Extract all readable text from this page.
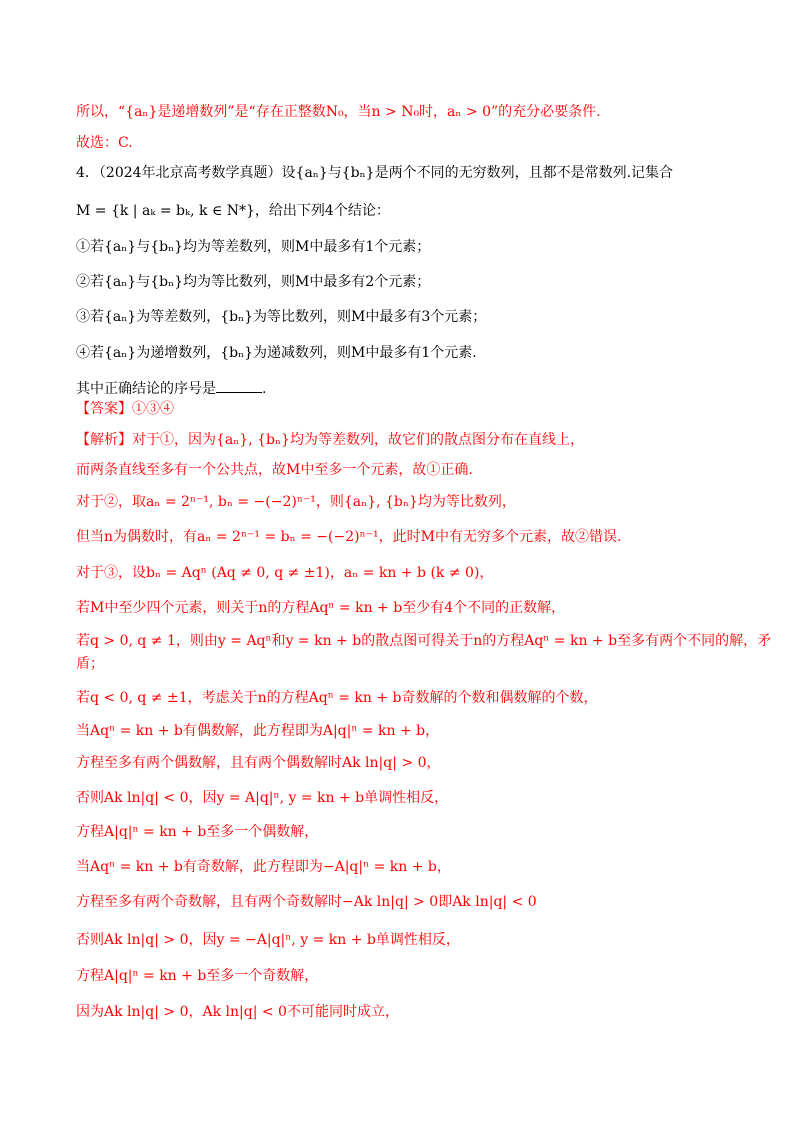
所以，“{aₙ}是递增数列”是“存在正整数N₀，当n > N₀时，aₙ > 0”的充分必要条件.
故选：C.
4．（2024年北京高考数学真题）设{aₙ}与{bₙ}是两个不同的无穷数列，且都不是常数列.记集合
M = {k | aₖ = bₖ, k ∈ N*}，给出下列4个结论：
①若{aₙ}与{bₙ}均为等差数列，则M中最多有1个元素；
②若{aₙ}与{bₙ}均为等比数列，则M中最多有2个元素；
③若{aₙ}为等差数列，{bₙ}为等比数列，则M中最多有3个元素；
④若{aₙ}为递增数列，{bₙ}为递减数列，则M中最多有1个元素.
其中正确结论的序号是	.
【答案】①③④
【解析】对于①，因为{aₙ}, {bₙ}均为等差数列，故它们的散点图分布在直线上，
而两条直线至多有一个公共点，故M中至多一个元素，故①正确.
对于②，取aₙ = 2ⁿ⁻¹, bₙ = −(−2)ⁿ⁻¹，则{aₙ}, {bₙ}均为等比数列，
但当n为偶数时，有aₙ = 2ⁿ⁻¹ = bₙ = −(−2)ⁿ⁻¹，此时M中有无穷多个元素，故②错误.
对于③，设bₙ = Aqⁿ (Aq ≠ 0, q ≠ ±1)，aₙ = kn + b (k ≠ 0)，
若M中至少四个元素，则关于n的方程Aqⁿ = kn + b至少有4个不同的正数解，
若q > 0, q ≠ 1，则由y = Aqⁿ和y = kn + b的散点图可得关于n的方程Aqⁿ = kn + b至多有两个不同的解，矛
盾；
若q < 0, q ≠ ±1，考虑关于n的方程Aqⁿ = kn + b奇数解的个数和偶数解的个数，
当Aqⁿ = kn + b有偶数解，此方程即为A|q|ⁿ = kn + b，
方程至多有两个偶数解，且有两个偶数解时Ak ln|q| > 0，
否则Ak ln|q| < 0，因y = A|q|ⁿ, y = kn + b单调性相反，
方程A|q|ⁿ = kn + b至多一个偶数解，
当Aqⁿ = kn + b有奇数解，此方程即为−A|q|ⁿ = kn + b，
方程至多有两个奇数解，且有两个奇数解时−Ak ln|q| > 0即Ak ln|q| < 0
否则Ak ln|q| > 0，因y = −A|q|ⁿ, y = kn + b单调性相反，
方程A|q|ⁿ = kn + b至多一个奇数解，
因为Ak ln|q| > 0，Ak ln|q| < 0不可能同时成立，
